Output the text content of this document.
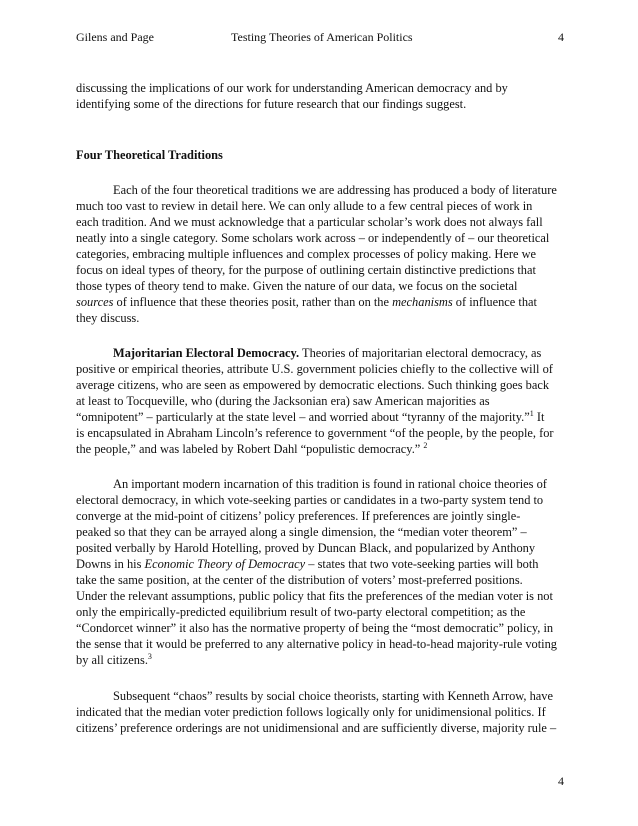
Gilens and Page	Testing Theories of American Politics	4
discussing the implications of our work for understanding American democracy and by
identifying some of the directions for future research that our findings suggest.
Four Theoretical Traditions
Each of the four theoretical traditions we are addressing has produced a body of literature
much too vast to review in detail here. We can only allude to a few central pieces of work in
each tradition. And we must acknowledge that a particular scholar’s work does not always fall
neatly into a single category. Some scholars work across – or independently of – our theoretical
categories, embracing multiple influences and complex processes of policy making. Here we
focus on ideal types of theory, for the purpose of outlining certain distinctive predictions that
those types of theory tend to make. Given the nature of our data, we focus on the societal
sources of influence that these theories posit, rather than on the mechanisms of influence that
they discuss.
Majoritarian Electoral Democracy. Theories of majoritarian electoral democracy, as
positive or empirical theories, attribute U.S. government policies chiefly to the collective will of
average citizens, who are seen as empowered by democratic elections. Such thinking goes back
at least to Tocqueville, who (during the Jacksonian era) saw American majorities as
“omnipotent” – particularly at the state level – and worried about “tyranny of the majority.”$^1$ It
is encapsulated in Abraham Lincoln’s reference to government “of the people, by the people, for
the people,” and was labeled by Robert Dahl “populistic democracy.” $^2$
An important modern incarnation of this tradition is found in rational choice theories of
electoral democracy, in which vote-seeking parties or candidates in a two-party system tend to
converge at the mid-point of citizens’ policy preferences. If preferences are jointly single-
peaked so that they can be arrayed along a single dimension, the “median voter theorem” –
posited verbally by Harold Hotelling, proved by Duncan Black, and popularized by Anthony
Downs in his Economic Theory of Democracy – states that two vote-seeking parties will both
take the same position, at the center of the distribution of voters’ most-preferred positions.
Under the relevant assumptions, public policy that fits the preferences of the median voter is not
only the empirically-predicted equilibrium result of two-party electoral competition; as the
“Condorcet winner” it also has the normative property of being the “most democratic” policy, in
the sense that it would be preferred to any alternative policy in head-to-head majority-rule voting
by all citizens.$^3$
Subsequent “chaos” results by social choice theorists, starting with Kenneth Arrow, have
indicated that the median voter prediction follows logically only for unidimensional politics. If
citizens’ preference orderings are not unidimensional and are sufficiently diverse, majority rule –
4
